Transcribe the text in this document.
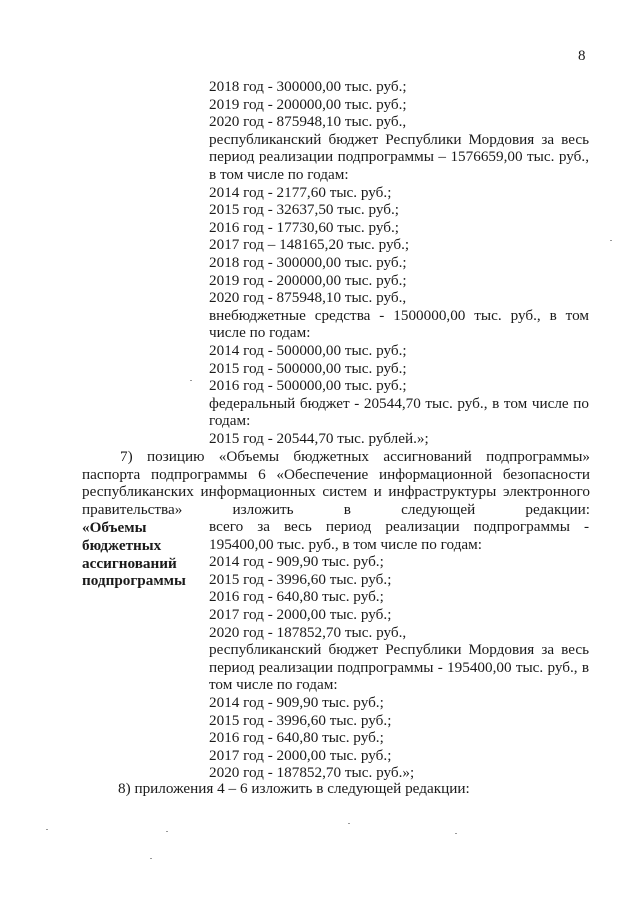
8
2018 год - 300000,00 тыс. руб.;
2019 год - 200000,00 тыс. руб.;
2020 год - 875948,10 тыс. руб.,
республиканский бюджет Республики Мордовия за весь
период реализации подпрограммы – 1576659,00 тыс. руб.,
в том числе по годам:
2014 год - 2177,60 тыс. руб.;
2015 год - 32637,50 тыс. руб.;
2016 год - 17730,60 тыс. руб.;
2017 год – 148165,20 тыс. руб.;
2018 год - 300000,00 тыс. руб.;
2019 год - 200000,00 тыс. руб.;
2020 год - 875948,10 тыс. руб.,
внебюджетные средства - 1500000,00 тыс. руб., в том
числе по годам:
2014 год - 500000,00 тыс. руб.;
2015 год - 500000,00 тыс. руб.;
2016 год - 500000,00 тыс. руб.;
федеральный бюджет - 20544,70 тыс. руб., в том числе по
годам:
2015 год - 20544,70 тыс. рублей.»;
7) позицию «Объемы бюджетных ассигнований подпрограммы»
паспорта подпрограммы 6 «Обеспечение информационной безопасности
республиканских информационных систем и инфраструктуры электронного
правительства» изложить в следующей редакции:
«Объемы
бюджетных
ассигнований
подпрограммы
всего за весь период реализации подпрограммы -
195400,00 тыс. руб., в том числе по годам:
2014 год - 909,90 тыс. руб.;
2015 год - 3996,60 тыс. руб.;
2016 год - 640,80 тыс. руб.;
2017 год - 2000,00 тыс. руб.;
2020 год - 187852,70 тыс. руб.,
республиканский бюджет Республики Мордовия за весь
период реализации подпрограммы - 195400,00 тыс. руб., в
том числе по годам:
2014 год - 909,90 тыс. руб.;
2015 год - 3996,60 тыс. руб.;
2016 год - 640,80 тыс. руб.;
2017 год - 2000,00 тыс. руб.;
2020 год - 187852,70 тыс. руб.»;
8) приложения 4 – 6 изложить в следующей редакции:
